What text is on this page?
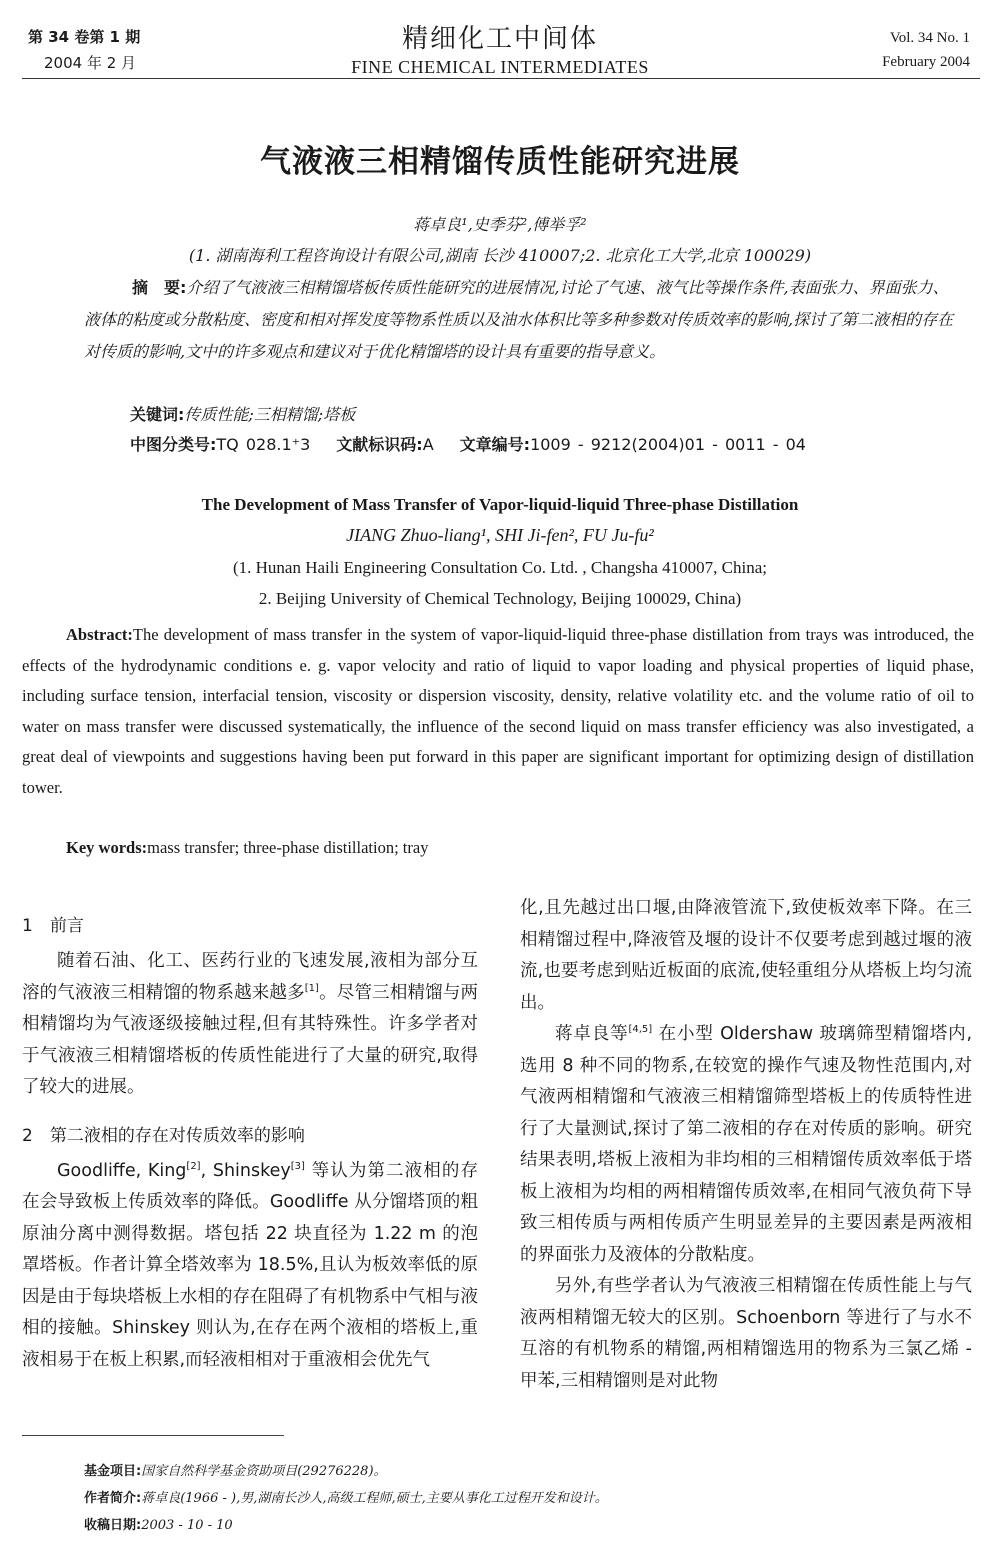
第 34 卷第 1 期
2004 年 2 月
精细化工中间体
FINE CHEMICAL INTERMEDIATES
Vol. 34 No. 1
February 2004
气液液三相精馏传质性能研究进展
蒋卓良¹,史季芬²,傅举孚²
(1. 湖南海利工程咨询设计有限公司,湖南 长沙 410007;2. 北京化工大学,北京 100029)
摘　要:介绍了气液液三相精馏塔板传质性能研究的进展情况,讨论了气速、液气比等操作条件,表面张力、界面张力、液体的粘度或分散粘度、密度和相对挥发度等物系性质以及油水体积比等多种参数对传质效率的影响,探讨了第二液相的存在对传质的影响,文中的许多观点和建议对于优化精馏塔的设计具有重要的指导意义。
关键词:传质性能;三相精馏;塔板
中图分类号:TQ 028.1⁺3 文献标识码:A 文章编号:1009 - 9212(2004)01 - 0011 - 04
The Development of Mass Transfer of Vapor-liquid-liquid Three-phase Distillation
JIANG Zhuo-liang¹, SHI Ji-fen², FU Ju-fu²
(1. Hunan Haili Engineering Consultation Co. Ltd. , Changsha 410007, China;
2. Beijing University of Chemical Technology, Beijing 100029, China)
Abstract:The development of mass transfer in the system of vapor-liquid-liquid three-phase distillation from trays was introduced, the effects of the hydrodynamic conditions e. g. vapor velocity and ratio of liquid to vapor loading and physical properties of liquid phase, including surface tension, interfacial tension, viscosity or dispersion viscosity, density, relative volatility etc. and the volume ratio of oil to water on mass transfer were discussed systematically, the influence of the second liquid on mass transfer efficiency was also investigated, a great deal of viewpoints and suggestions having been put forward in this paper are significant important for optimizing design of distillation tower.
Key words:mass transfer; three-phase distillation; tray
1　前言

随着石油、化工、医药行业的飞速发展,液相为部分互溶的气液液三相精馏的物系越来越多[1]。尽管三相精馏与两相精馏均为气液逐级接触过程,但有其特殊性。许多学者对于气液液三相精馏塔板的传质性能进行了大量的研究,取得了较大的进展。

2　第二液相的存在对传质效率的影响

Goodliffe, King[2], Shinskey[3] 等认为第二液相的存在会导致板上传质效率的降低。Goodliffe 从分馏塔顶的粗原油分离中测得数据。塔包括 22 块直径为 1.22 m 的泡罩塔板。作者计算全塔效率为 18.5%,且认为板效率低的原因是由于每块塔板上水相的存在阻碍了有机物系中气相与液相的接触。Shinskey 则认为,在存在两个液相的塔板上,重液相易于在板上积累,而轻液相相对于重液相会优先气

化,且先越过出口堰,由降液管流下,致使板效率下降。在三相精馏过程中,降液管及堰的设计不仅要考虑到越过堰的液流,也要考虑到贴近板面的底流,使轻重组分从塔板上均匀流出。

蒋卓良等[4,5] 在小型 Oldershaw 玻璃筛型精馏塔内,选用 8 种不同的物系,在较宽的操作气速及物性范围内,对气液两相精馏和气液液三相精馏筛型塔板上的传质特性进行了大量测试,探讨了第二液相的存在对传质的影响。研究结果表明,塔板上液相为非均相的三相精馏传质效率低于塔板上液相为均相的两相精馏传质效率,在相同气液负荷下导致三相传质与两相传质产生明显差异的主要因素是两液相的界面张力及液体的分散粘度。

另外,有些学者认为气液液三相精馏在传质性能上与气液两相精馏无较大的区别。Schoenborn 等进行了与水不互溶的有机物系的精馏,两相精馏选用的物系为三氯乙烯 - 甲苯,三相精馏则是对此物

基金项目:国家自然科学基金资助项目(29276228)。
作者简介:蒋卓良(1966 - ),男,湖南长沙人,高级工程师,硕士,主要从事化工过程开发和设计。
收稿日期:2003 - 10 - 10
